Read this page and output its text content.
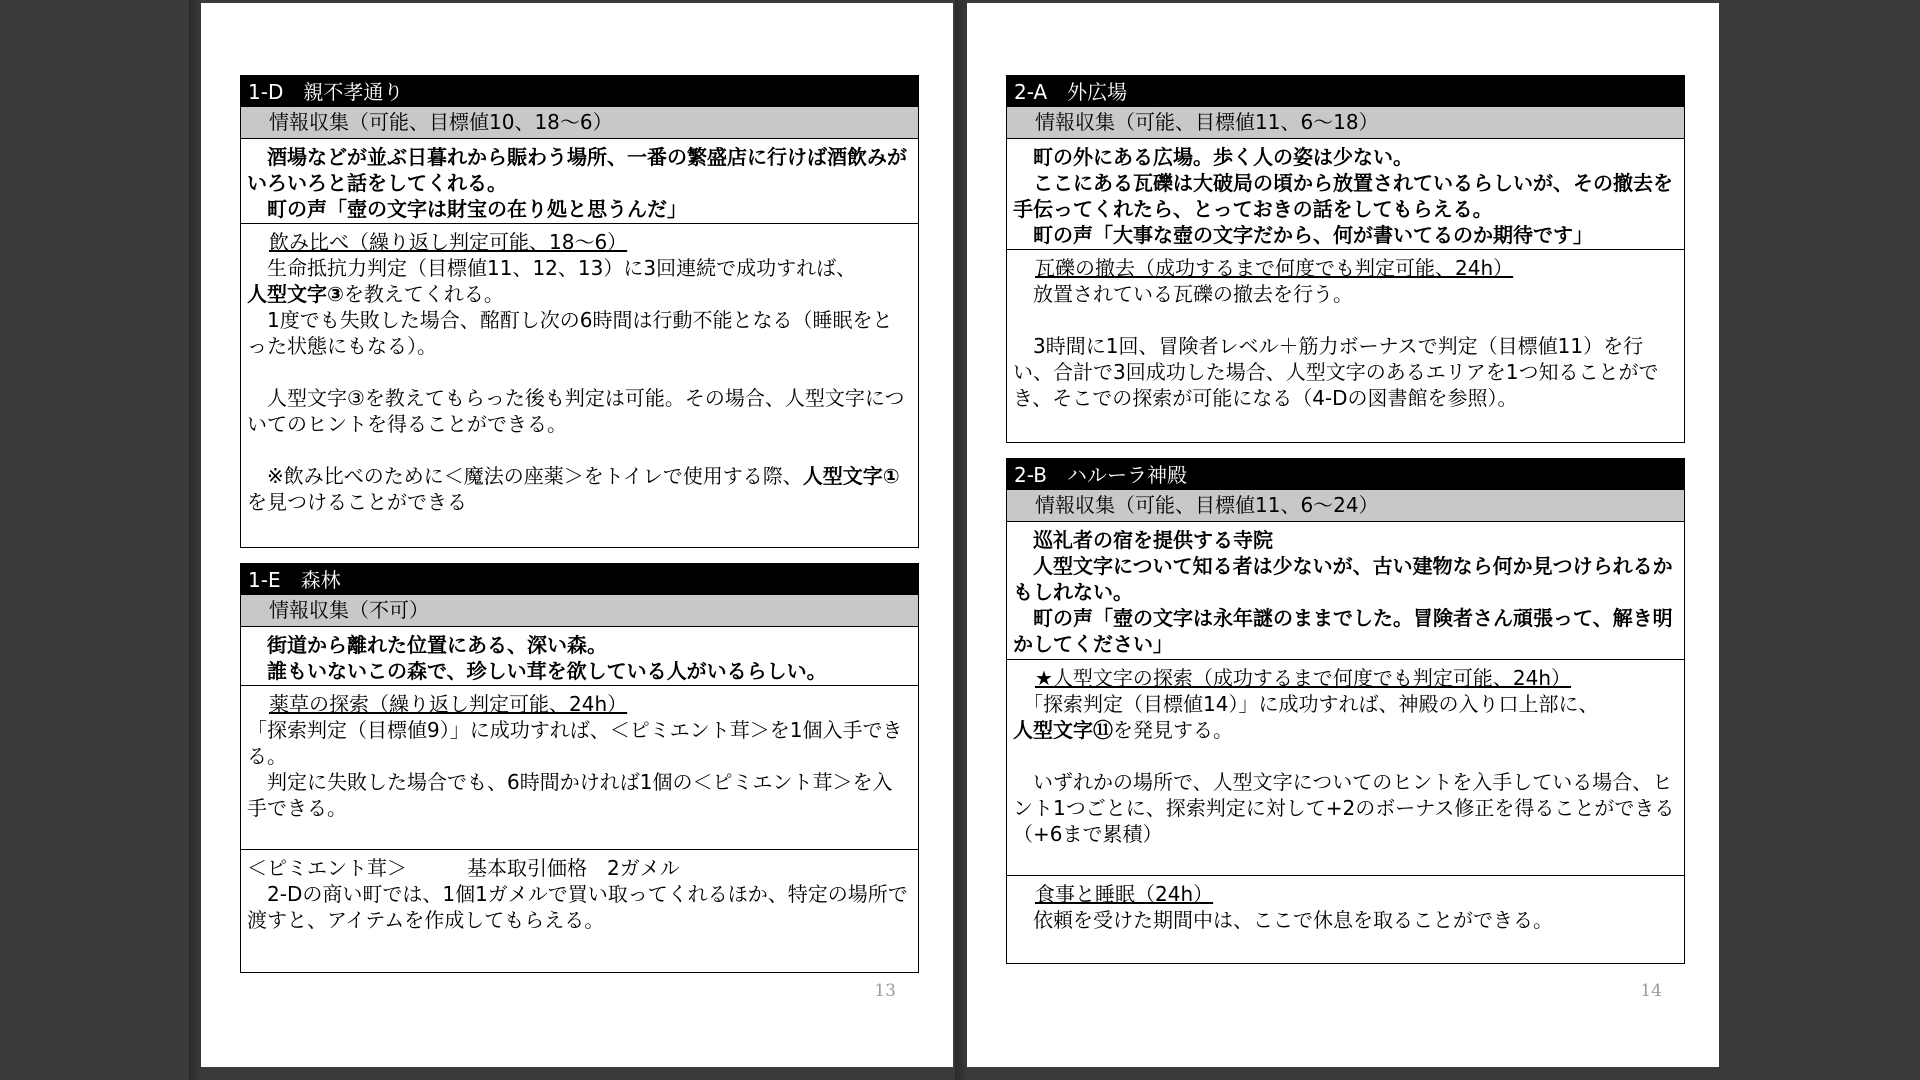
1-D　親不孝通り
情報収集（可能、目標値10、18〜6）

　酒場などが並ぶ日暮れから賑わう場所、一番の繁盛店に行けば酒飲みがいろいろと話をしてくれる。

　町の声「壺の文字は財宝の在り処と思うんだ」

飲み比べ（繰り返し判定可能、18〜6）

　生命抵抗力判定（目標値11、12、13）に3回連続で成功すれば、

人型文字③を教えてくれる。

　1度でも失敗した場合、酩酊し次の6時間は行動不能となる（睡眠をとった状態にもなる）。

　人型文字③を教えてもらった後も判定は可能。その場合、人型文字についてのヒントを得ることができる。

　※飲み比べのために＜魔法の座薬＞をトイレで使用する際、人型文字①を見つけることができる

1-E　森林
情報収集（不可）

　街道から離れた位置にある、深い森。

　誰もいないこの森で、珍しい茸を欲している人がいるらしい。

薬草の探索（繰り返し判定可能、24h）

「探索判定（目標値9）」に成功すれば、＜ピミエント茸＞を1個入手できる。

　判定に失敗した場合でも、6時間かければ1個の＜ピミエント茸＞を入手できる。

＜ピミエント茸＞　　　基本取引価格　2ガメル

　2-Dの商い町では、1個1ガメルで買い取ってくれるほか、特定の場所で渡すと、アイテムを作成してもらえる。

13
2-A　外広場
情報収集（可能、目標値11、6〜18）

　町の外にある広場。歩く人の姿は少ない。

　ここにある瓦礫は大破局の頃から放置されているらしいが、その撤去を手伝ってくれたら、とっておきの話をしてもらえる。

　町の声「大事な壺の文字だから、何が書いてるのか期待です」

瓦礫の撤去（成功するまで何度でも判定可能、24h）

　放置されている瓦礫の撤去を行う。

　3時間に1回、冒険者レベル＋筋力ボーナスで判定（目標値11）を行い、合計で3回成功した場合、人型文字のあるエリアを1つ知ることができ、そこでの探索が可能になる（4-Dの図書館を参照）。

2-B　ハルーラ神殿
情報収集（可能、目標値11、6〜24）

　巡礼者の宿を提供する寺院

　人型文字について知る者は少ないが、古い建物なら何か見つけられるかもしれない。

　町の声「壺の文字は永年謎のままでした。冒険者さん頑張って、解き明かしてください」

★人型文字の探索（成功するまで何度でも判定可能、24h）

　「探索判定（目標値14）」に成功すれば、神殿の入り口上部に、

人型文字⑪を発見する。

　いずれかの場所で、人型文字についてのヒントを入手している場合、ヒント1つごとに、探索判定に対して+2のボーナス修正を得ることができる（+6まで累積）

食事と睡眠（24h）

　依頼を受けた期間中は、ここで休息を取ることができる。

14
